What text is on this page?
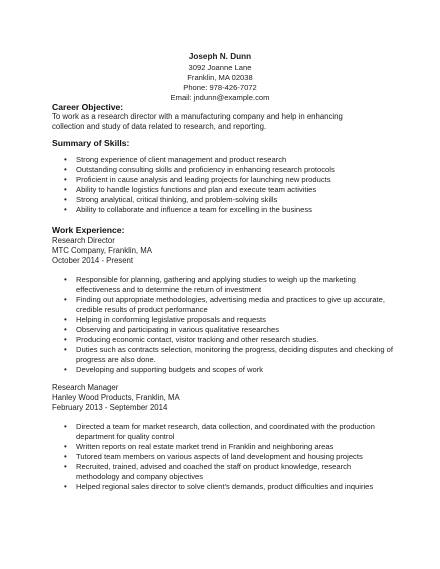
Joseph N. Dunn
3092 Joanne Lane
Franklin, MA 02038
Phone: 978-426-7072
Email: jndunn@example.com
Career Objective:
To work as a research director with a manufacturing company and help in enhancing
collection and study of data related to research, and reporting.
Summary of Skills:
• Strong experience of client management and product research
• Outstanding consulting skills and proficiency in enhancing research protocols
• Proficient in cause analysis and leading projects for launching new products
• Ability to handle logistics functions and plan and execute team activities
• Strong analytical, critical thinking, and problem-solving skills
• Ability to collaborate and influence a team for excelling in the business
Work Experience:
Research Director
MTC Company, Franklin, MA
October 2014 - Present
• Responsible for planning, gathering and applying studies to weigh up the marketing effectiveness and to determine the return of investment
• Finding out appropriate methodologies, advertising media and practices to give up accurate, credible results of product performance
• Helping in conforming legislative proposals and requests
• Observing and participating in various qualitative researches
• Producing economic contact, visitor tracking and other research studies.
• Duties such as contracts selection, monitoring the progress, deciding disputes and checking of progress are also done.
• Developing and supporting budgets and scopes of work
Research Manager
Hanley Wood Products, Franklin, MA
February 2013 - September 2014
• Directed a team for market research, data collection, and coordinated with the production department for quality control
• Written reports on real estate market trend in Franklin and neighboring areas
• Tutored team members on various aspects of land development and housing projects
• Recruited, trained, advised and coached the staff on product knowledge, research methodology and company objectives
• Helped regional sales director to solve client's demands, product difficulties and inquiries
